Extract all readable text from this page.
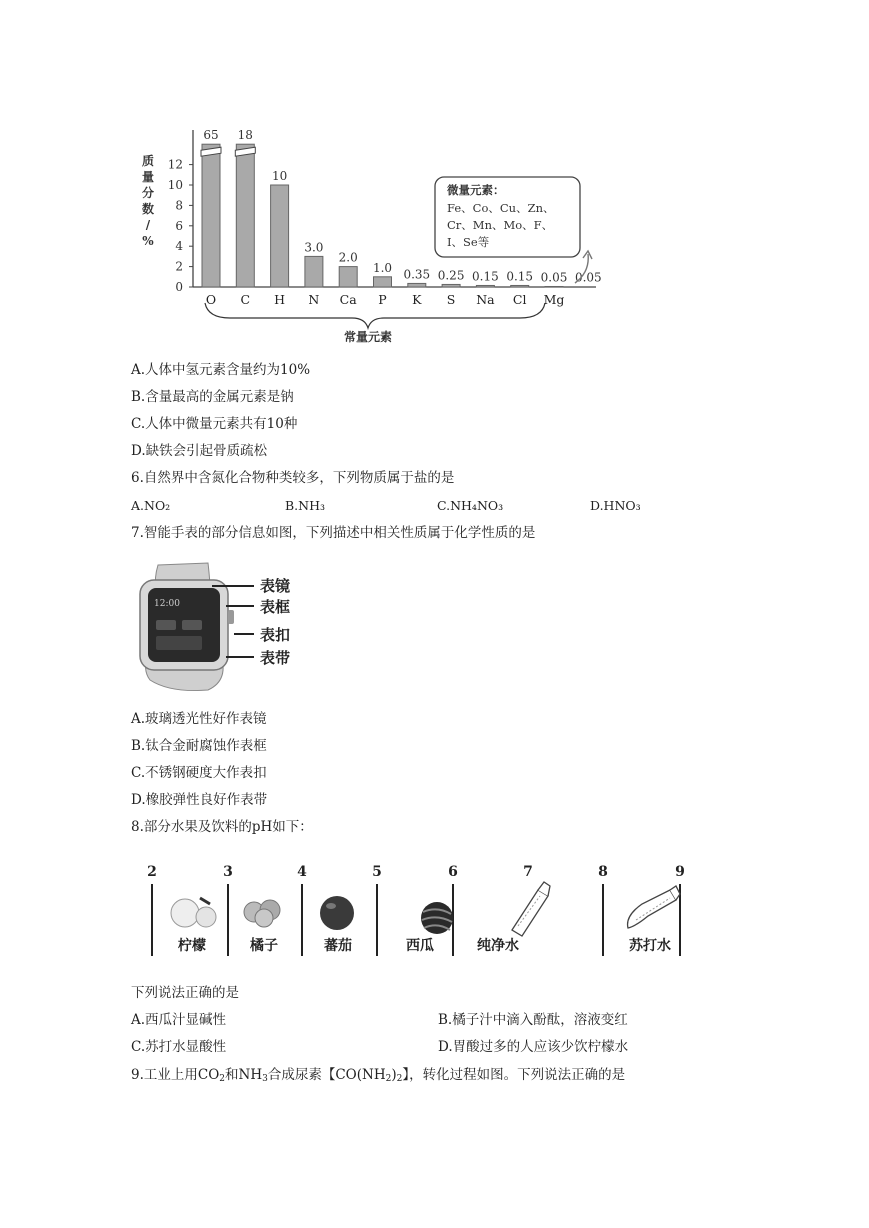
质
量
分
数
/
%
0
2
4
6
8
10
12
O C H N Ca P K S Na Cl Mg
65 18
10
3.0
2.0
1.0 0.35 0.25 0.15 0.15 0.05 0.05
常量元素
微量元素：
Fe、Co、Cu、Zn、
Cr、Mn、Mo、F、
I、Se等
A.人体中氢元素含量约为10%
B.含量最高的金属元素是钠
C.人体中微量元素共有10种
D.缺铁会引起骨质疏松
6.自然界中含氮化合物种类较多，下列物质属于盐的是
A.NO₂	B.NH₃	C.NH₄NO₃	D.HNO₃
7.智能手表的部分信息如图，下列描述中相关性质属于化学性质的是
12:00
表镜
表框
表扣
表带
A.玻璃透光性好作表镜
B.钛合金耐腐蚀作表框
C.不锈钢硬度大作表扣
D.橡胶弹性良好作表带
8.部分水果及饮料的pH如下：
2	3	4	5	6	7	8	9
柠檬	橘子	蕃茄	西瓜	纯净水	苏打水
下列说法正确的是
A.西瓜汁显碱性	B.橘子汁中滴入酚酞，溶液变红
C.苏打水显酸性	D.胃酸过多的人应该少饮柠檬水
9.工业上用$CO_2$和$NH_3$合成尿素【$CO(NH_2)_2$】，转化过程如图。下列说法正确的是
